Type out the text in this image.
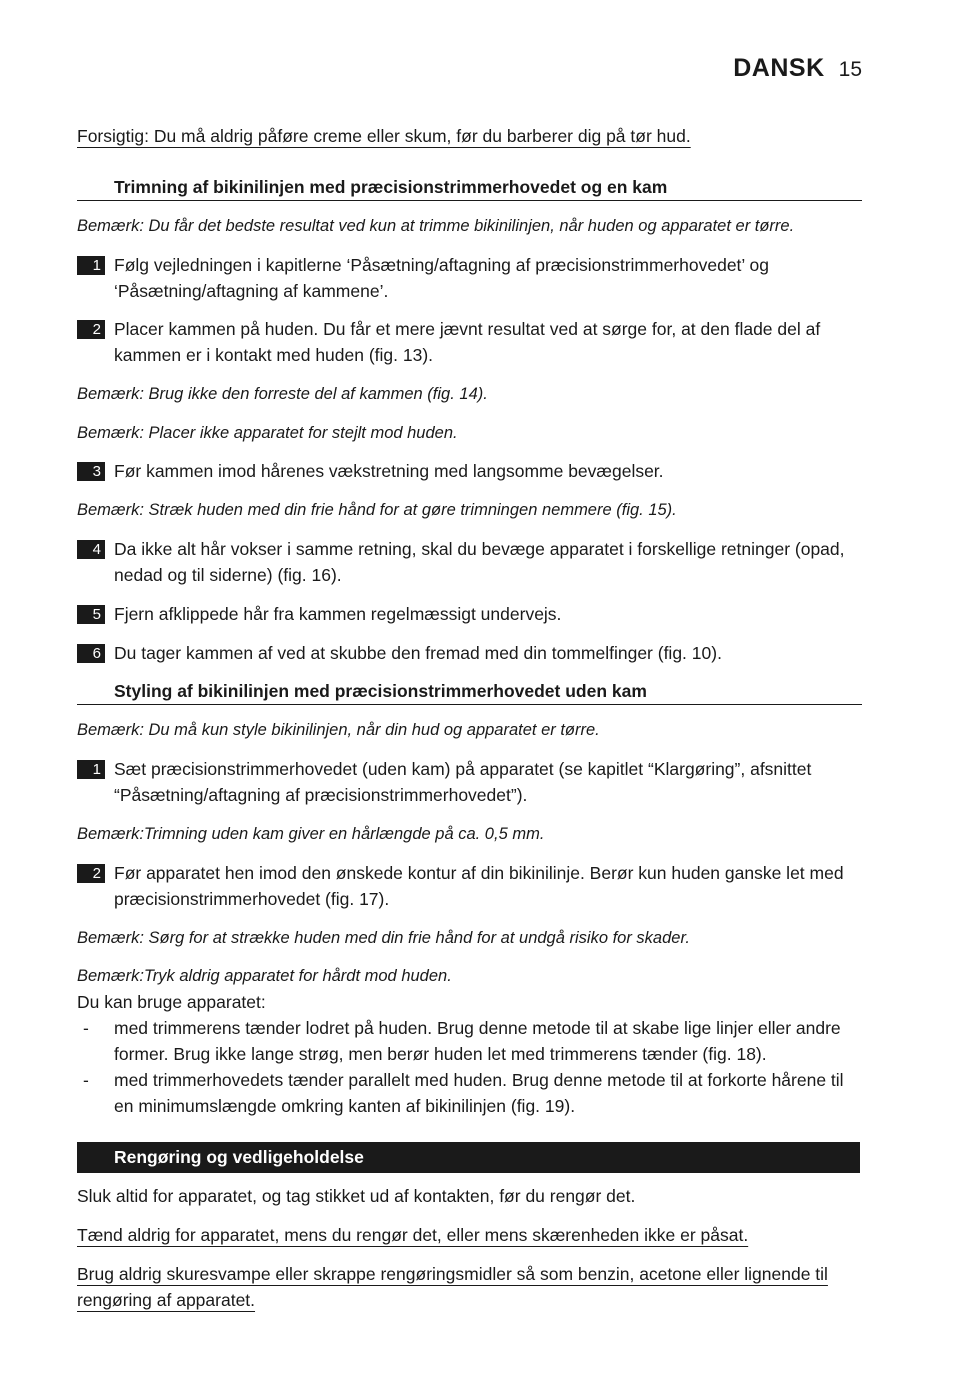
DANSK 15
Forsigtig: Du må aldrig påføre creme eller skum, før du barberer dig på tør hud.
Trimning af bikinilinjen med præcisionstrimmerhovedet og en kam
Bemærk: Du får det bedste resultat ved kun at trimme bikinilinjen, når huden og apparatet er tørre.
1 Følg vejledningen i kapitlerne ‘Påsætning/aftagning af præcisionstrimmerhovedet’ og ‘Påsætning/aftagning af kammene’.
2 Placer kammen på huden. Du får et mere jævnt resultat ved at sørge for, at den flade del af kammen er i kontakt med huden (fig. 13).
Bemærk: Brug ikke den forreste del af kammen (fig. 14).
Bemærk: Placer ikke apparatet for stejlt mod huden.
3 Før kammen imod hårenes vækstretning med langsomme bevægelser.
Bemærk: Stræk huden med din frie hånd for at gøre trimningen nemmere (fig. 15).
4 Da ikke alt hår vokser i samme retning, skal du bevæge apparatet i forskellige retninger (opad, nedad og til siderne) (fig. 16).
5 Fjern afklippede hår fra kammen regelmæssigt undervejs.
6 Du tager kammen af ved at skubbe den fremad med din tommelfinger (fig. 10).
Styling af bikinilinjen med præcisionstrimmerhovedet uden kam
Bemærk: Du må kun style bikinilinjen, når din hud og apparatet er tørre.
1 Sæt præcisionstrimmerhovedet (uden kam) på apparatet (se kapitlet “Klargøring”, afsnittet “Påsætning/aftagning af præcisionstrimmerhovedet”).
Bemærk:Trimning uden kam giver en hårlængde på ca. 0,5 mm.
2 Før apparatet hen imod den ønskede kontur af din bikinilinje. Berør kun huden ganske let med præcisionstrimmerhovedet (fig. 17).
Bemærk: Sørg for at strække huden med din frie hånd for at undgå risiko for skader.
Bemærk:Tryk aldrig apparatet for hårdt mod huden.
Du kan bruge apparatet:
- med trimmerens tænder lodret på huden. Brug denne metode til at skabe lige linjer eller andre former. Brug ikke lange strøg, men berør huden let med trimmerens tænder (fig. 18).
- med trimmerhovedets tænder parallelt med huden. Brug denne metode til at forkorte hårene til en minimumslængde omkring kanten af bikinilinjen (fig. 19).
Rengøring og vedligeholdelse
Sluk altid for apparatet, og tag stikket ud af kontakten, før du rengør det.
Tænd aldrig for apparatet, mens du rengør det, eller mens skærenheden ikke er påsat.
Brug aldrig skuresvampe eller skrappe rengøringsmidler så som benzin, acetone eller lignende til rengøring af apparatet.
